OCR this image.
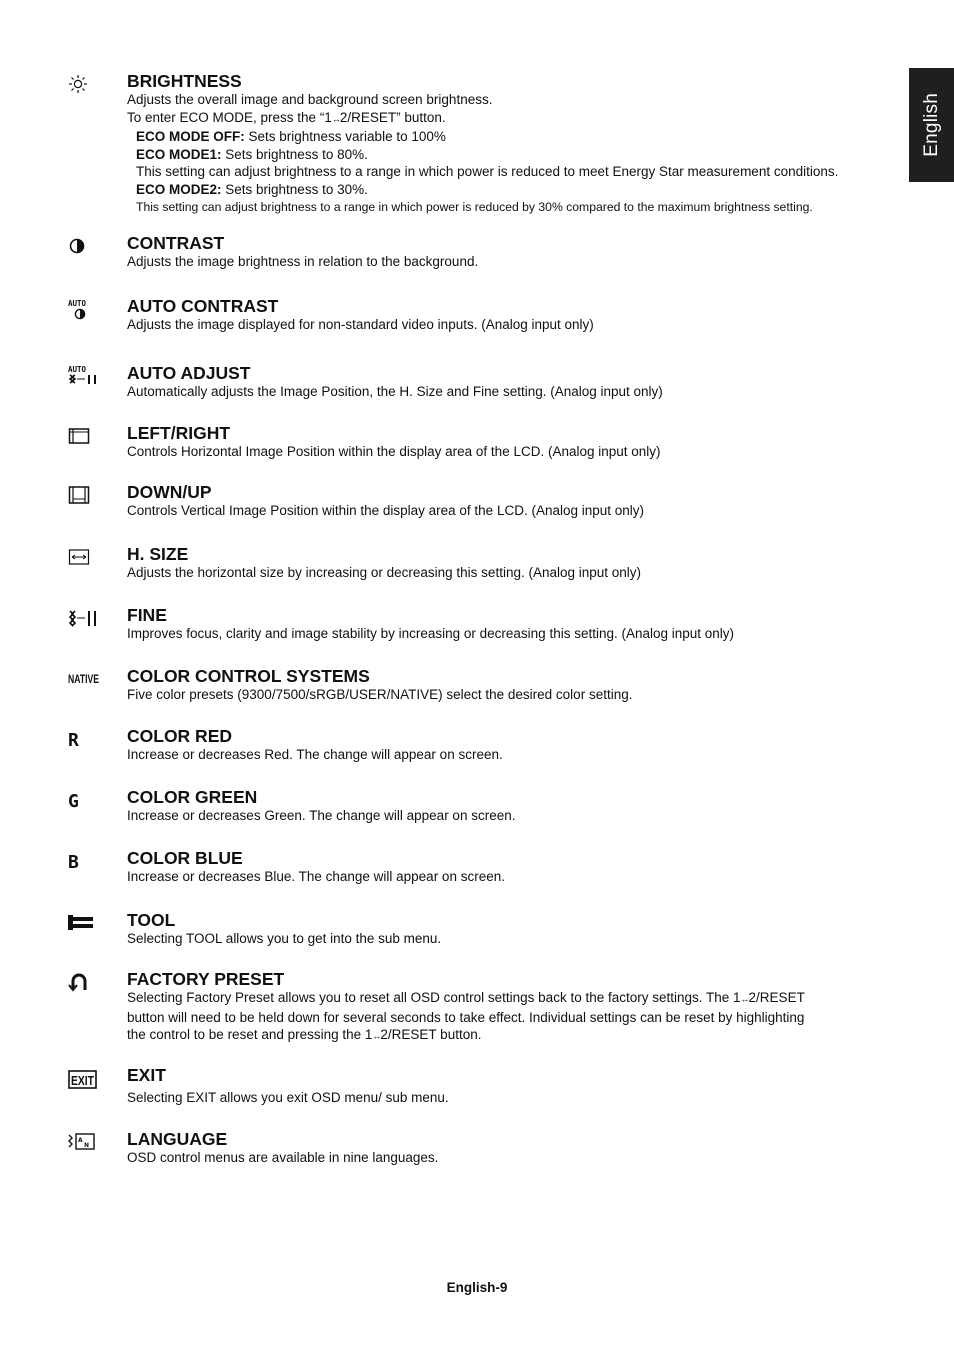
English
BRIGHTNESS
Adjusts the overall image and background screen brightness.
To enter ECO MODE, press the “1↔2/RESET” button.
ECO MODE OFF: Sets brightness variable to 100%
ECO MODE1: Sets brightness to 80%.
This setting can adjust brightness to a range in which power is reduced to meet Energy Star measurement conditions.
ECO MODE2: Sets brightness to 30%.
This setting can adjust brightness to a range in which power is reduced by 30% compared to the maximum brightness setting.
CONTRAST
Adjusts the image brightness in relation to the background.
AUTO AUTO CONTRAST
Adjusts the image displayed for non-standard video inputs. (Analog input only)
AUTO AUTO ADJUST
Automatically adjusts the Image Position, the H. Size and Fine setting. (Analog input only)
LEFT/RIGHT
Controls Horizontal Image Position within the display area of the LCD. (Analog input only)
DOWN/UP
Controls Vertical Image Position within the display area of the LCD. (Analog input only)
H. SIZE
Adjusts the horizontal size by increasing or decreasing this setting. (Analog input only)
FINE
Improves focus, clarity and image stability by increasing or decreasing this setting. (Analog input only)
NATIVE COLOR CONTROL SYSTEMS
Five color presets (9300/7500/sRGB/USER/NATIVE) select the desired color setting.
R	COLOR RED
Increase or decreases Red. The change will appear on screen.
G	COLOR GREEN
Increase or decreases Green. The change will appear on screen.
B	COLOR BLUE
Increase or decreases Blue. The change will appear on screen.
TOOL
Selecting TOOL allows you to get into the sub menu.
FACTORY PRESET
Selecting Factory Preset allows you to reset all OSD control settings back to the factory settings. The 1↔2/RESET
button will need to be held down for several seconds to take effect. Individual settings can be reset by highlighting
the control to be reset and pressing the 1↔2/RESET button.
EXIT EXIT
Selecting EXIT allows you exit OSD menu/ sub menu.
A
N LANGUAGE
OSD control menus are available in nine languages.
English-9
